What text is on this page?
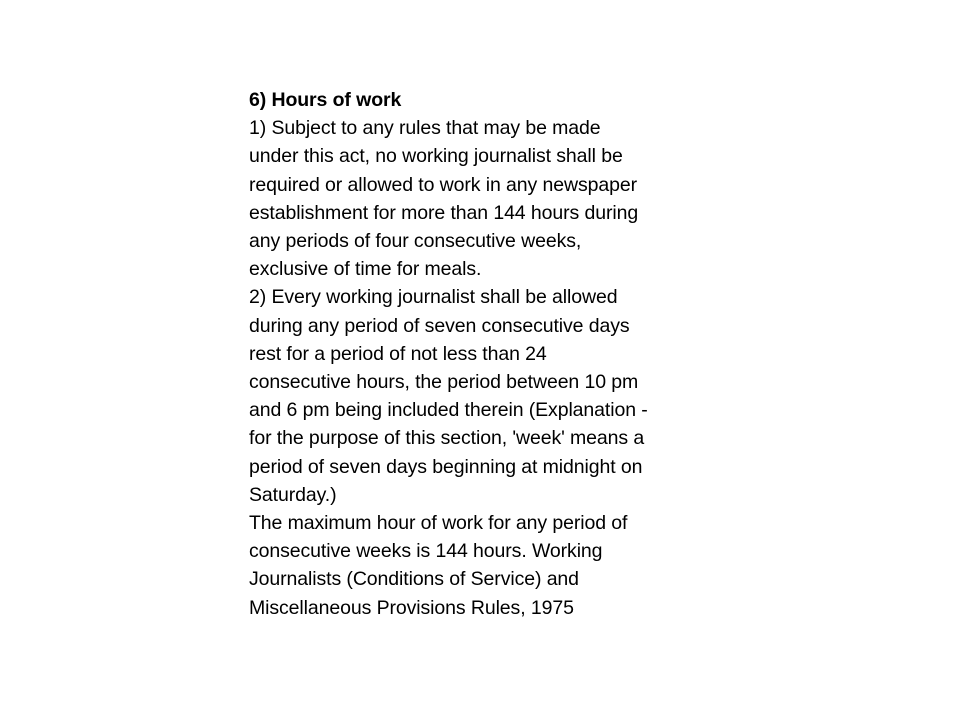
6) Hours of work
1) Subject to any rules that may be made
under this act, no working journalist shall be
required or allowed to work in any newspaper
establishment for more than 144 hours during
any periods of four consecutive weeks,
exclusive of time for meals.
2) Every working journalist shall be allowed
during any period of seven consecutive days
rest for a period of not less than 24
consecutive hours, the period between 10 pm
and 6 pm being included therein (Explanation -
for the purpose of this section, 'week' means a
period of seven days beginning at midnight on
Saturday.)
The maximum hour of work for any period of
consecutive weeks is 144 hours. Working
Journalists (Conditions of Service) and
Miscellaneous Provisions Rules, 1975
